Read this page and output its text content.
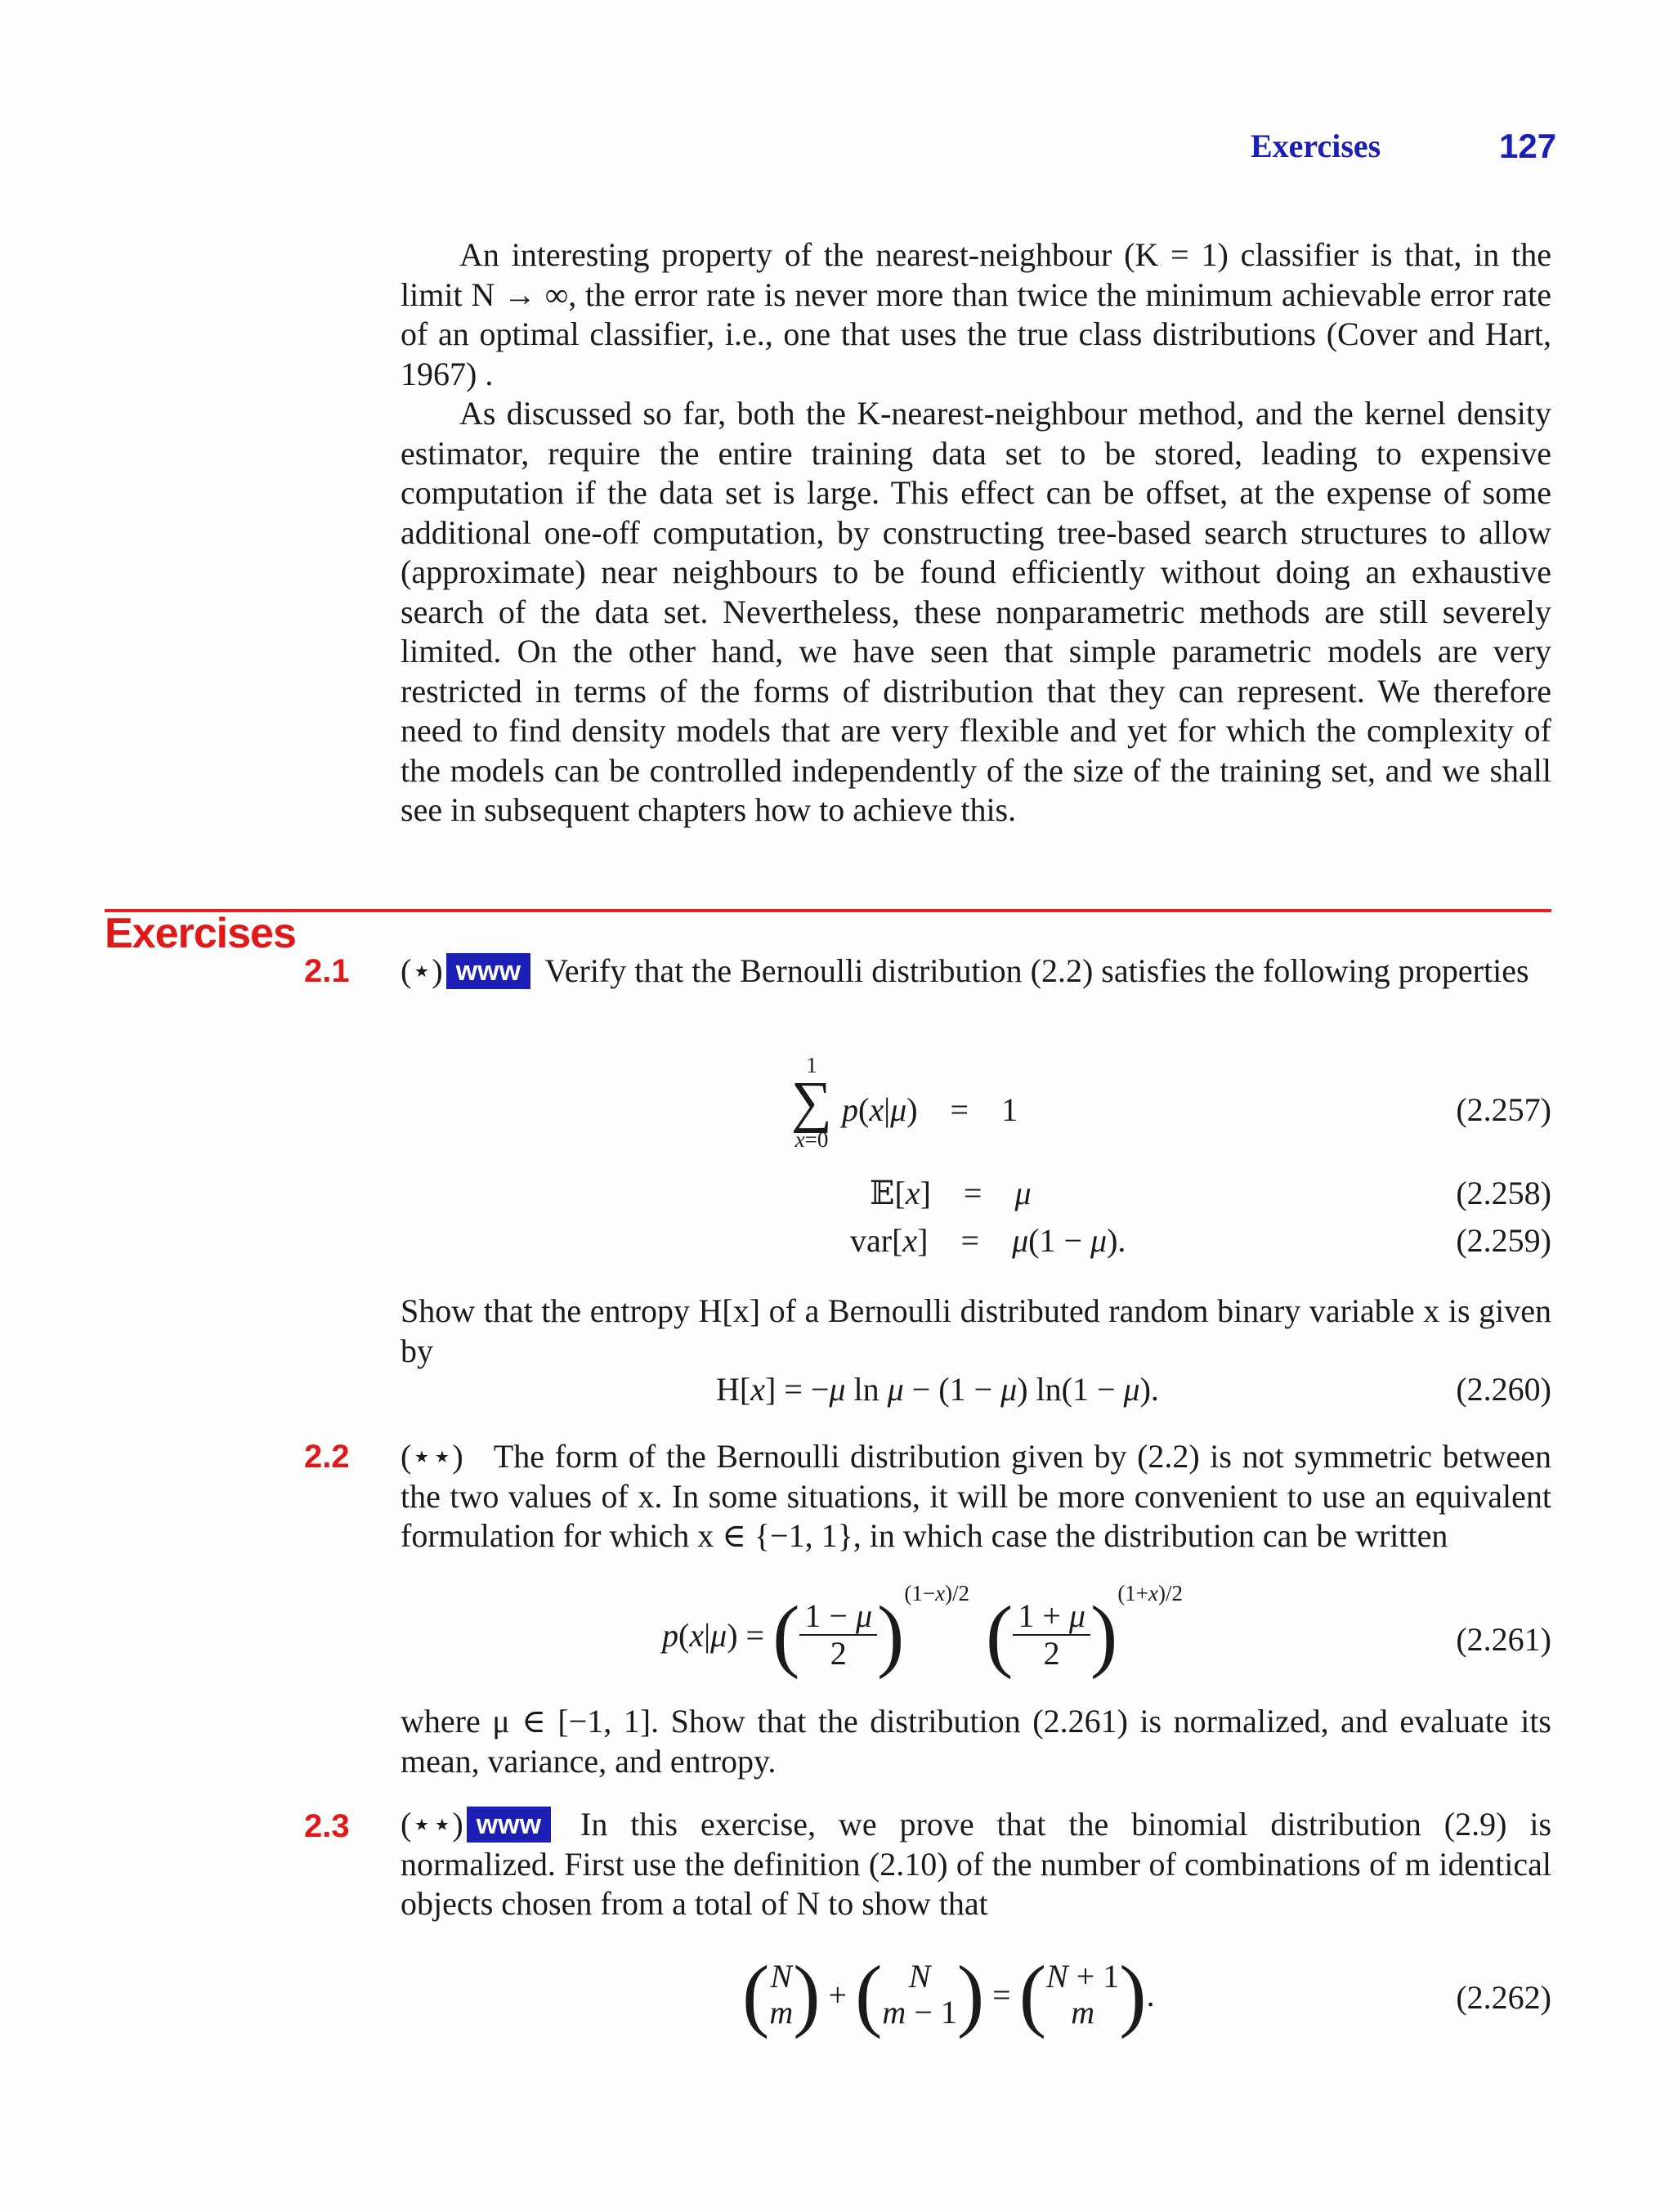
Exercises	127

An interesting property of the nearest-neighbour (K = 1) classifier is that, in the limit N → ∞, the error rate is never more than twice the minimum achievable error rate of an optimal classifier, i.e., one that uses the true class distributions (Cover and Hart, 1967) .

As discussed so far, both the K-nearest-neighbour method, and the kernel density estimator, require the entire training data set to be stored, leading to expensive computation if the data set is large. This effect can be offset, at the expense of some additional one-off computation, by constructing tree-based search structures to allow (approximate) near neighbours to be found efficiently without doing an exhaustive search of the data set. Nevertheless, these nonparametric methods are still severely limited. On the other hand, we have seen that simple parametric models are very restricted in terms of the forms of distribution that they can represent. We therefore need to find density models that are very flexible and yet for which the complexity of the models can be controlled independently of the size of the training set, and we shall see in subsequent chapters how to achieve this.

Exercises
2.1 (⋆) www Verify that the Bernoulli distribution (2.2) satisfies the following properties
1
∑
x=0
p(x|μ)    =    1	(2.257)
𝔼[x]    =    μ	(2.258)
var[x]    =    μ(1 − μ).	(2.259)
Show that the entropy H[x] of a Bernoulli distributed random binary variable x is given by
H[x] = −μ ln μ − (1 − μ) ln(1 − μ).	(2.260)
2.2 (⋆⋆) The form of the Bernoulli distribution given by (2.2) is not symmetric between the two values of x. In some situations, it will be more convenient to use an equivalent formulation for which x ∈ {−1, 1}, in which case the distribution can be written
p(x|μ) = ( $\frac{1 - \mu}{2}$ ) (1−x)/2 ( $\frac{1 + \mu}{2}$ ) (1+x)/2
(2.261)
where μ ∈ [−1, 1]. Show that the distribution (2.261) is normalized, and evaluate its mean, variance, and entropy.
2.3 (⋆⋆) www In this exercise, we prove that the binomial distribution (2.9) is normalized. First use the definition (2.10) of the number of combinations of m identical objects chosen from a total of N to show that
( N
m ) + ( N
m − 1 ) = ( N + 1
m ) .	(2.262)
